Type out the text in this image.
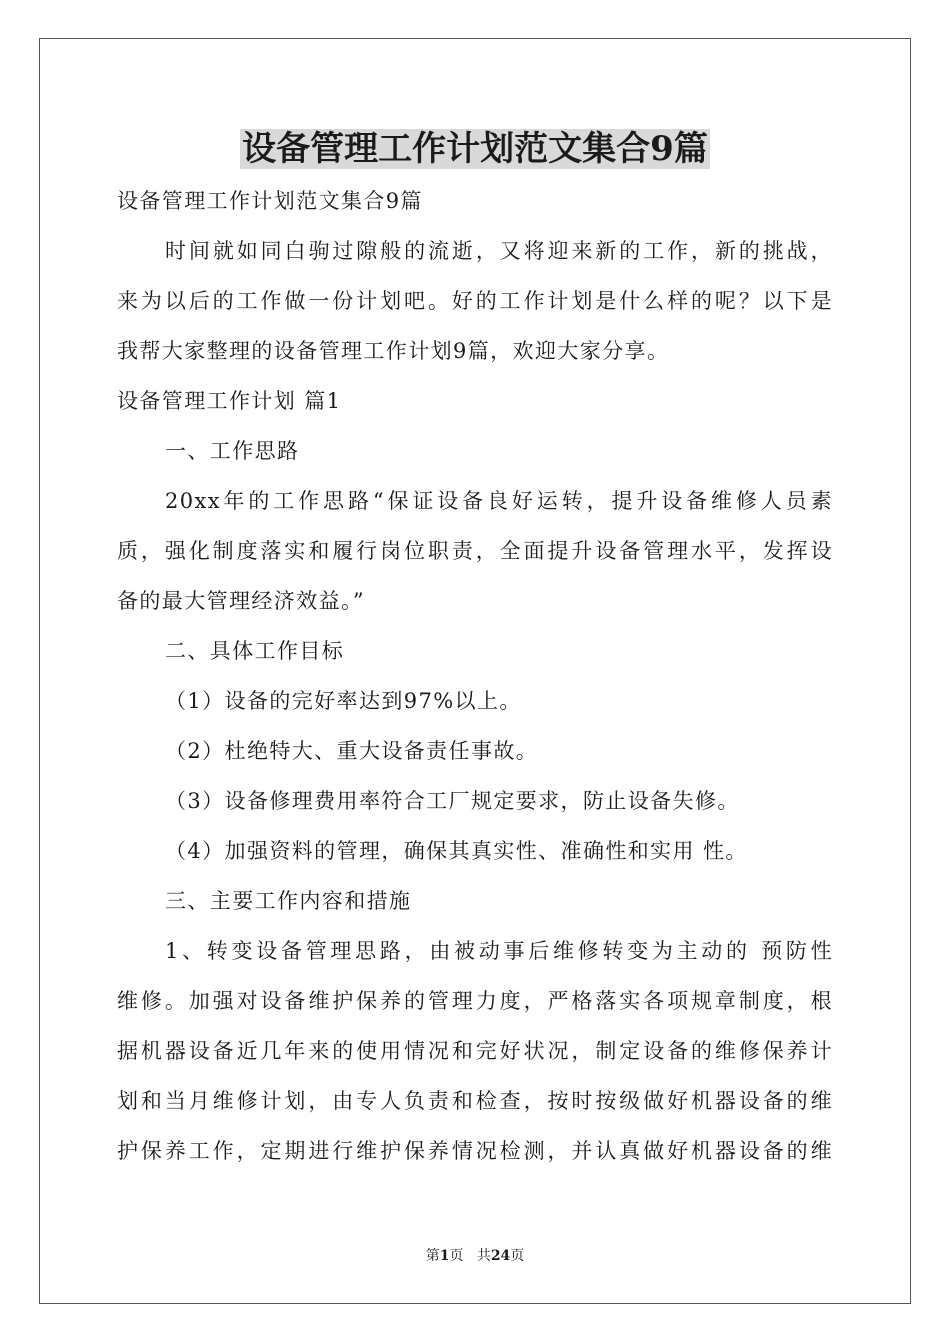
设备管理工作计划范文集合9篇
设备管理工作计划范文集合9篇
时间就如同白驹过隙般的流逝，又将迎来新的工作，新的挑战，
来为以后的工作做一份计划吧。好的工作计划是什么样的呢？以下是
我帮大家整理的设备管理工作计划9篇，欢迎大家分享。
设备管理工作计划 篇1
一、工作思路
20xx年的工作思路“保证设备良好运转，提升设备维修人员素
质，强化制度落实和履行岗位职责，全面提升设备管理水平，发挥设
备的最大管理经济效益。”
二、具体工作目标
（1）设备的完好率达到97%以上。
（2）杜绝特大、重大设备责任事故。
（3）设备修理费用率符合工厂规定要求，防止设备失修。
（4）加强资料的管理，确保其真实性、准确性和实用 性。
三、主要工作内容和措施
1、转变设备管理思路，由被动事后维修转变为主动的 预防性
维修。加强对设备维护保养的管理力度，严格落实各项规章制度，根
据机器设备近几年来的使用情况和完好状况，制定设备的维修保养计
划和当月维修计划，由专人负责和检查，按时按级做好机器设备的维
护保养工作，定期进行维护保养情况检测，并认真做好机器设备的维
第1页 共24页
